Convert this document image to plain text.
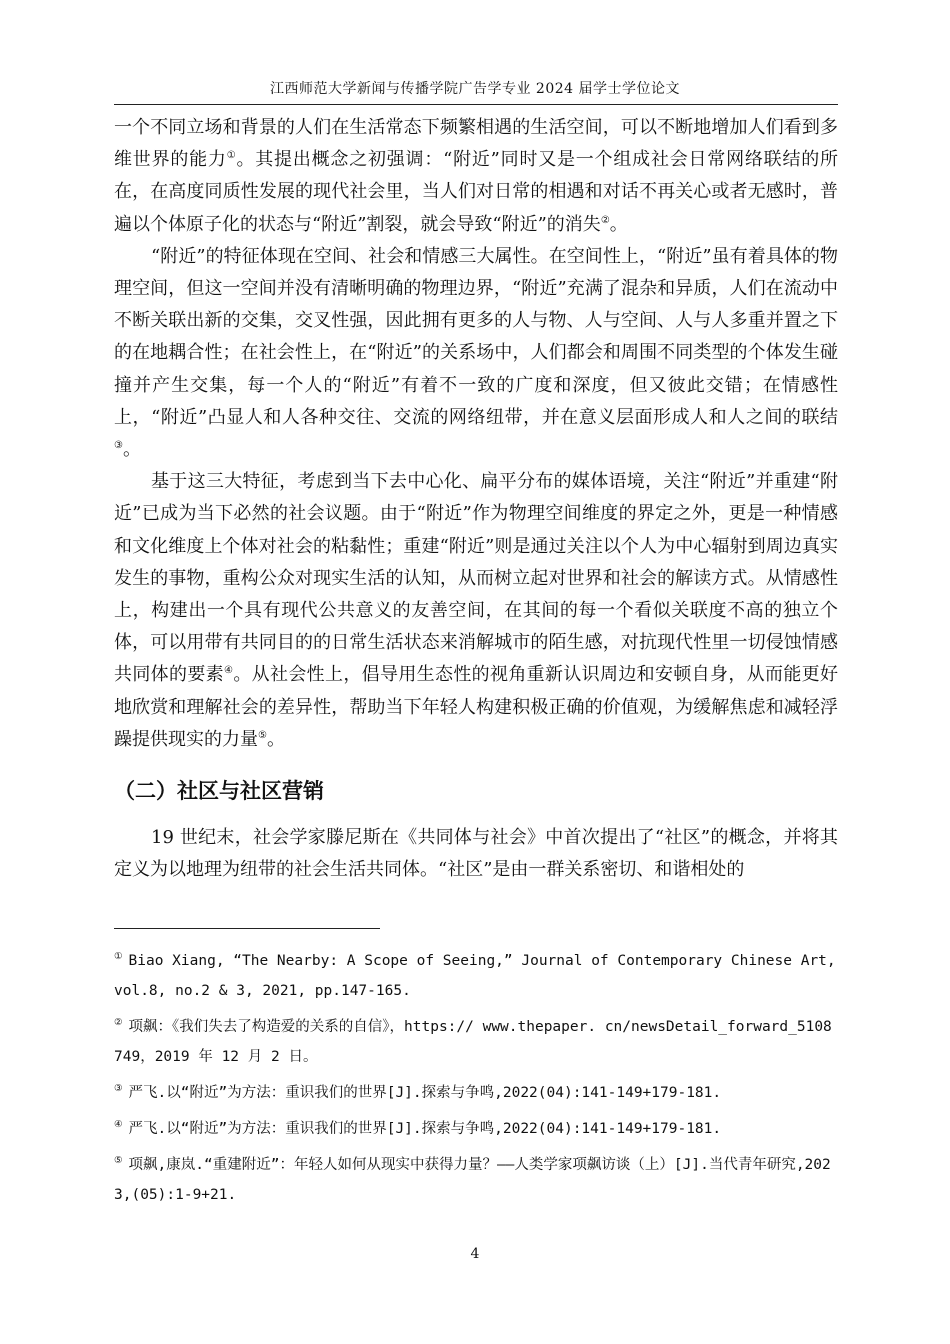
江西师范大学新闻与传播学院广告学专业 2024 届学士学位论文

一个不同立场和背景的人们在生活常态下频繁相遇的生活空间，可以不断地增加人们看到多维世界的能力①。其提出概念之初强调：“附近”同时又是一个组成社会日常网络联结的所在，在高度同质性发展的现代社会里，当人们对日常的相遇和对话不再关心或者无感时，普遍以个体原子化的状态与“附近”割裂，就会导致“附近”的消失②。

“附近”的特征体现在空间、社会和情感三大属性。在空间性上，“附近”虽有着具体的物理空间，但这一空间并没有清晰明确的物理边界，“附近”充满了混杂和异质，人们在流动中不断关联出新的交集，交叉性强，因此拥有更多的人与物、人与空间、人与人多重并置之下的在地耦合性；在社会性上，在“附近”的关系场中，人们都会和周围不同类型的个体发生碰撞并产生交集，每一个人的“附近”有着不一致的广度和深度，但又彼此交错；在情感性上，“附近”凸显人和人各种交往、交流的网络纽带，并在意义层面形成人和人之间的联结③。

基于这三大特征，考虑到当下去中心化、扁平分布的媒体语境，关注“附近”并重建“附近”已成为当下必然的社会议题。由于“附近”作为物理空间维度的界定之外，更是一种情感和文化维度上个体对社会的粘黏性；重建“附近”则是通过关注以个人为中心辐射到周边真实发生的事物，重构公众对现实生活的认知，从而树立起对世界和社会的解读方式。从情感性上，构建出一个具有现代公共意义的友善空间，在其间的每一个看似关联度不高的独立个体，可以用带有共同目的的日常生活状态来消解城市的陌生感，对抗现代性里一切侵蚀情感共同体的要素④。从社会性上，倡导用生态性的视角重新认识周边和安顿自身，从而能更好地欣赏和理解社会的差异性，帮助当下年轻人构建积极正确的价值观，为缓解焦虑和减轻浮躁提供现实的力量⑤。

（二）社区与社区营销

19 世纪末，社会学家滕尼斯在《共同体与社会》中首次提出了“社区”的概念，并将其定义为以地理为纽带的社会生活共同体。“社区”是由一群关系密切、和谐相处的

① Biao Xiang, “The Nearby: A Scope of Seeing,” Journal of Contemporary Chinese Art, vol.8, no.2 & 3, 2021, pp.147-165.

② 项飙：《我们失去了构造爱的关系的自信》，https:// www.thepaper. cn/newsDetail_forward_5108749，2019 年 12 月 2 日。

③ 严飞.以“附近”为方法：重识我们的世界[J].探索与争鸣,2022(04):141-149+179-181.

④ 严飞.以“附近”为方法：重识我们的世界[J].探索与争鸣,2022(04):141-149+179-181.

⑤ 项飙,康岚.“重建附近”：年轻人如何从现实中获得力量？——人类学家项飙访谈（上）[J].当代青年研究,2023,(05):1-9+21.

4
